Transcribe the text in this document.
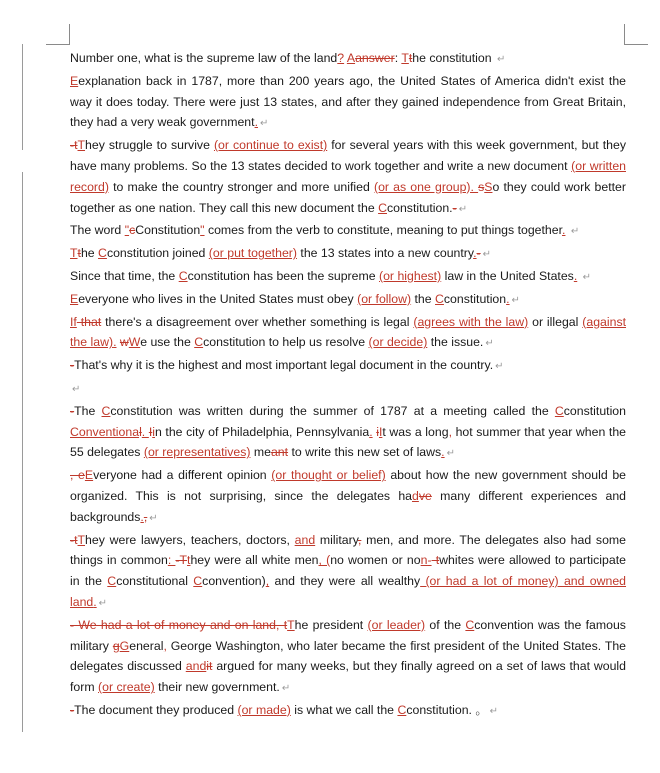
Number one, what is the supreme law of the land? Aanswer: Tthe constitution ↵

Eexplanation back in 1787, more than 200 years ago, the United States of America didn't exist the way it does today. There were just 13 states, and after they gained independence from Great Britain, they had a very weak government. ↵

-tThey struggle to survive (or continue to exist) for several years with this week government, but they have many problems. So the 13 states decided to work together and write a new document (or written record) to make the country stronger and more unified (or as one group). sSo they could work better together as one nation. They call this new document the Cconstitution.- ↵

The word "cConstitution" comes from the verb to constitute, meaning to put things together. ↵

Tthe Cconstitution joined (or put together) the 13 states into a new country.- ↵

Since that time, the Cconstitution has been the supreme (or highest) law in the United States. ↵

Eeveryone who lives in the United States must obey (or follow) the Cconstitution. ↵

If that there's a disagreement over whether something is legal (agrees with the law) or illegal (against the law). wWe use the Cconstitution to help us resolve (or decide) the issue. ↵

-That's why it is the highest and most important legal document in the country. ↵

↵

-The Cconstitution was written during the summer of 1787 at a meeting called the Cconstitution Conventional. Iin the city of Philadelphia, Pennsylvania. iIt was a long, hot summer that year when the 55 delegates (or representatives) meant to write this new set of laws. ↵

, eEveryone had a different opinion (or thought or belief) about how the new government should be organized. This is not surprising, since the delegates hadve many different experiences and backgrounds., ↵

-tThey were lawyers, teachers, doctors, and military, men, and more. The delegates also had some things in common: -Tthey were all white men, (no women or non- twhites were allowed to participate in the Cconstitutional Cconvention), and they were all wealthy (or had a lot of money) and owned land. ↵

- We had a lot of money and on land, tThe president (or leader) of the Cconvention was the famous military gGeneral, George Washington, who later became the first president of the United States. The delegates discussed andit argued for many weeks, but they finally agreed on a set of laws that would form (or create) their new government. ↵

-The document they produced (or made) is what we call the Cconstitution. 。 ↵
